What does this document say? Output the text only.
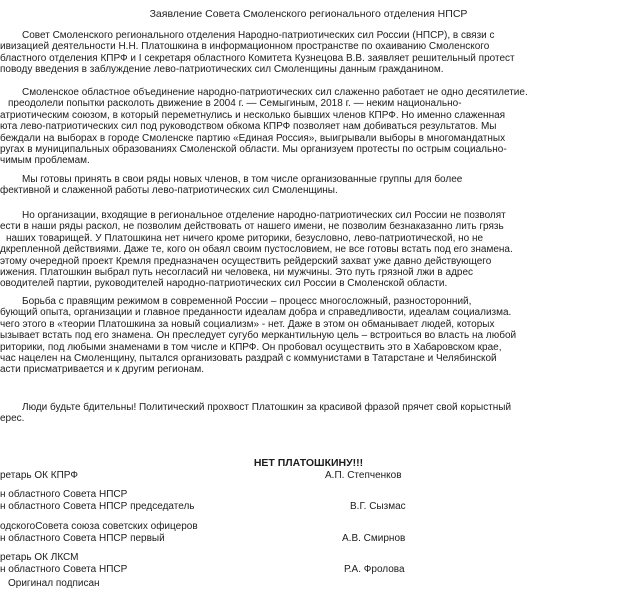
Заявление Совета Смоленского регионального отделения НПСР
Совет Смоленского регионального отделения Народно-патриотических сил России (НПСР), в связи с
ивизацией деятельности Н.Н. Платошкина в информационном пространстве по охаиванию Смоленского
бластного отделения КПРФ и I секретаря областного Комитета Кузнецова В.В. заявляет решительный протест
поводу введения в заблуждение лево-патриотических сил Смоленщины данным гражданином.
Смоленское областное объединение народно-патриотических сил слаженно работает не одно десятилетие.
преодолели попытки расколоть движение в 2004 г. — Семыгиным, 2018 г. — неким национально-
атриотическим союзом, в который переметнулись и несколько бывших членов КПРФ. Но именно слаженная
юта лево-патриотических сил под руководством обкома КПРФ позволяет нам добиваться результатов. Мы
беждали на выборах в городе Смоленске партию «Единая Россия», выигрывали выборы в многомандатных
ругах в муниципальных образованиях Смоленской области. Мы организуем протесты по острым социально-
чимым проблемам.
Мы готовы принять в свои ряды новых членов, в том числе организованные группы для более
фективной и слаженной работы лево-патриотических сил Смоленщины.
Но организации, входящие в региональное отделение народно-патриотических сил России не позволят
ести в наши ряды раскол, не позволим действовать от нашего имени, не позволим безнаказанно лить грязь
наших товарищей. У Платошкина нет ничего кроме риторики, безусловно, лево-патриотической, но не
дкрепленной действиями. Даже те, кого он обаял своим пустословием, не все готовы встать под его знамена.
этому очередной проект Кремля предназначен осуществить рейдерский захват уже давно действующего
ижения. Платошкин выбрал путь несогласий ни человека, ни мужчины. Это путь грязной лжи в адрес
оводителей партии, руководителей народно-патриотических сил России в Смоленской области.
Борьба с правящим режимом в современной России – процесс многосложный, разносторонний,
бующий опыта, организации и главное преданности идеалам добра и справедливости, идеалам социализма.
чего этого в «теории Платошкина за новый социализм» - нет. Даже в этом он обманывает людей, которых
ызывает встать под его знамена. Он преследует сугубо меркантильную цель – встроиться во власть на любой
риторики, под любыми знаменами в том числе и КПРФ. Он пробовал осуществить это в Хабаровском крае,
час нацелен на Смоленщину, пытался организовать раздрай с коммунистами в Татарстане и Челябинской
асти присматривается и к другим регионам.
Люди будьте бдительны! Политический прохвост Платошкин за красивой фразой прячет свой корыстный
ерес.
НЕТ ПЛАТОШКИНУ!!!
ретарь ОК КПРФ	А.П. Степченков
н областного Совета НПСР
н областного Совета НПСР председатель	В.Г. Сызмас
одскогоСовета союза советских офицеров
н областного Совета НПСР первый	А.В. Смирнов
ретарь ОК ЛКСМ
н областного Совета НПСР	Р.А. Фролова
Оригинал подписан
